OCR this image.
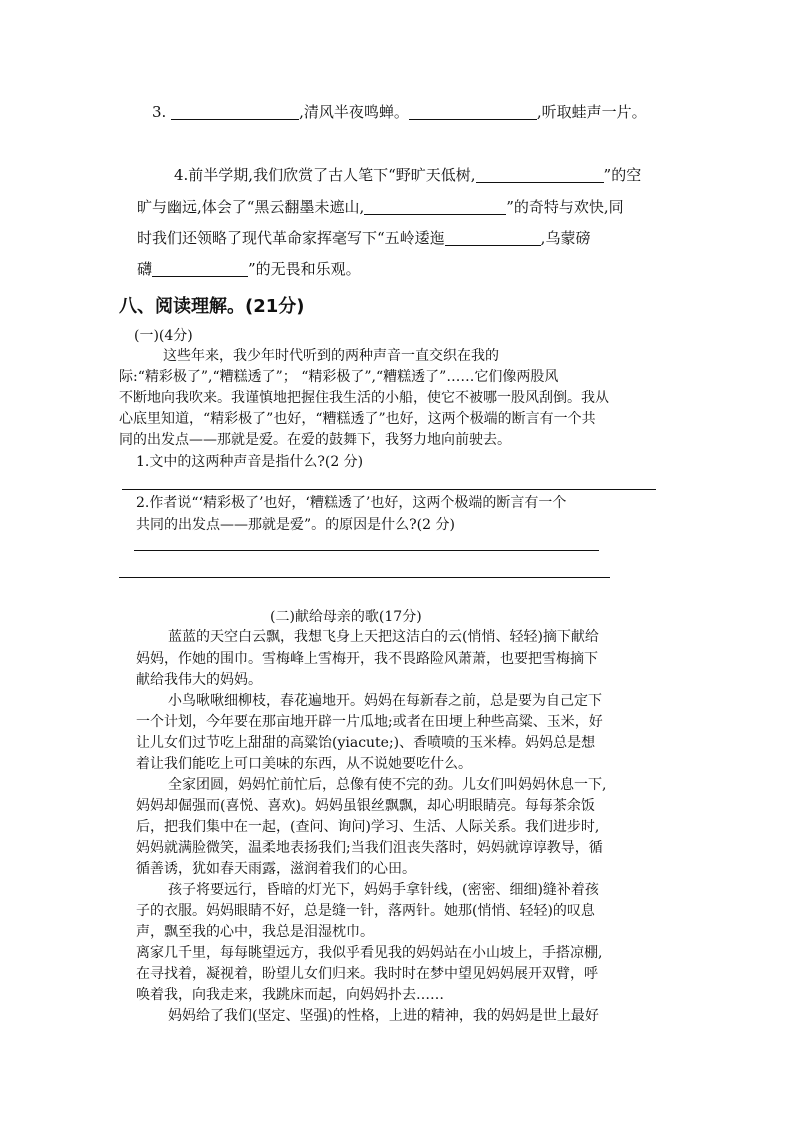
3.	,清风半夜鸣蝉。	,听取蛙声一片。
4.前半学期,我们欣赏了古人笔下“野旷天低树,	”的空
旷与幽远,体会了“黑云翻墨未遮山,	”的奇特与欢快,同
时我们还领略了现代革命家挥毫写下“五岭逶迤	,乌蒙磅
礴	”的无畏和乐观。
八、阅读理解。(21分)
(一)(4分)
这些年来，我少年时代听到的两种声音一直交织在我的
际:“精彩极了”,“糟糕透了”； “精彩极了”,“糟糕透了”……它们像两股风
不断地向我吹来。我谨慎地把握住我生活的小船，使它不被哪一股风刮倒。我从
心底里知道，“精彩极了”也好，“糟糕透了”也好，这两个极端的断言有一个共
同的出发点——那就是爱。在爱的鼓舞下，我努力地向前驶去。
1.文中的这两种声音是指什么?(2 分)
2.作者说“‘精彩极了’也好，‘糟糕透了’也好，这两个极端的断言有一个
共同的出发点——那就是爱”。的原因是什么?(2 分)
(二)献给母亲的歌(17分)
蓝蓝的天空白云飘，我想飞身上天把这洁白的云(悄悄、轻轻)摘下献给
妈妈，作她的围巾。雪梅峰上雪梅开，我不畏路险风萧萧，也要把雪梅摘下
献给我伟大的妈妈。
小鸟啾啾细柳枝，春花遍地开。妈妈在每新春之前，总是要为自己定下
一个计划，今年要在那亩地开辟一片瓜地;或者在田埂上种些高粱、玉米，好
让儿女们过节吃上甜甜的高粱饴(yiacute;)、香喷喷的玉米棒。妈妈总是想
着让我们能吃上可口美味的东西，从不说她要吃什么。
全家团圆，妈妈忙前忙后，总像有使不完的劲。儿女们叫妈妈休息一下,
妈妈却倔强而(喜悦、喜欢)。妈妈虽银丝飘飘，却心明眼睛亮。每每茶余饭
后，把我们集中在一起，(查问、询问)学习、生活、人际关系。我们进步时,
妈妈就满脸微笑，温柔地表扬我们;当我们沮丧失落时，妈妈就谆谆教导，循
循善诱，犹如春天雨露，滋润着我们的心田。
孩子将要远行，昏暗的灯光下，妈妈手拿针线，(密密、细细)缝补着孩
子的衣服。妈妈眼睛不好，总是缝一针，落两针。她那(悄悄、轻轻)的叹息
声，飘至我的心中，我总是泪湿枕巾。
离家几千里，每每眺望远方，我似乎看见我的妈妈站在小山坡上，手搭凉棚,
在寻找着，凝视着，盼望儿女们归来。我时时在梦中望见妈妈展开双臂，呼
唤着我，向我走来，我跳床而起，向妈妈扑去……
妈妈给了我们(坚定、坚强)的性格，上进的精神，我的妈妈是世上最好
